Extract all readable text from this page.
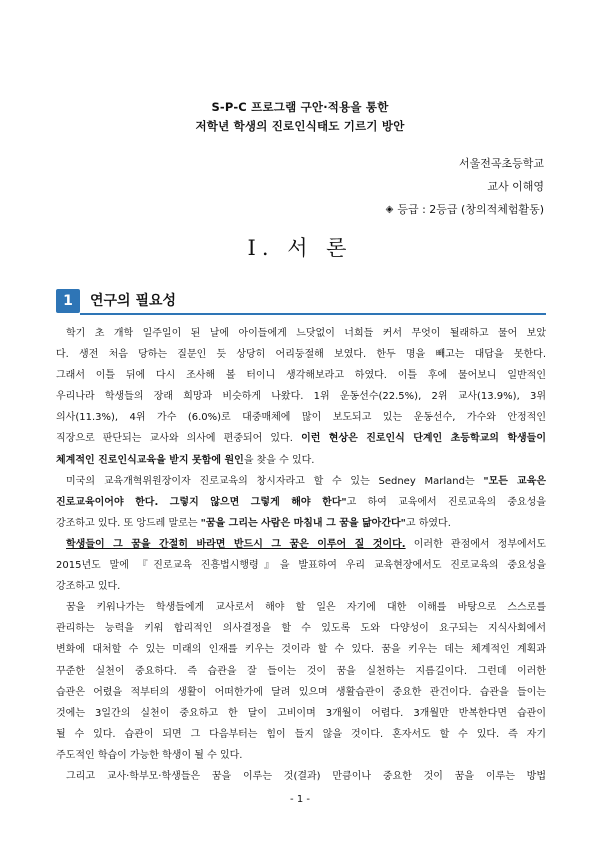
S-P-C 프로그램 구안·적용을 통한
저학년 학생의 진로인식태도 기르기 방안
서울전곡초등학교
교사 이해영
◈ 등급 : 2등급 (창의적체험활동)
I. 서 론
1	연구의 필요성

학기 초 개학 일주일이 된 날에 아이들에게 느닷없이 너희들 커서 무엇이 될래하고 물어 보았
다. 생전 처음 당하는 질문인 듯 상당히 어리둥절해 보였다. 한두 명을 빼고는 대답을 못한다.
그래서 이틀 뒤에 다시 조사해 볼 터이니 생각해보라고 하였다. 이틀 후에 물어보니 일반적인
우리나라 학생들의 장래 희망과 비슷하게 나왔다. 1위 운동선수(22.5%), 2위 교사(13.9%), 3위
의사(11.3%), 4위 가수 (6.0%)로 대중매체에 많이 보도되고 있는 운동선수, 가수와 안정적인
직장으로 판단되는 교사와 의사에 편중되어 있다. 이런 현상은 진로인식 단계인 초등학교의 학생들이
체계적인 진로인식교육을 받지 못함에 원인을 찾을 수 있다.

미국의 교육개혁위원장이자 진로교육의 창시자라고 할 수 있는 Sedney Marland는 "모든 교육은
진로교육이어야 한다. 그렇지 않으면 그렇게 해야 한다"고 하여 교육에서 진로교육의 중요성을
강조하고 있다. 또 앙드레 말로는 "꿈을 그리는 사람은 마침내 그 꿈을 닮아간다"고 하였다.

학생들이 그 꿈을 간절히 바라면 반드시 그 꿈은 이루어 질 것이다. 이러한 관점에서 정부에서도
2015년도 말에 『진로교육 진흥법시행령』을 발표하여 우리 교육현장에서도 진로교육의 중요성을
강조하고 있다.

꿈을 키워나가는 학생들에게 교사로서 해야 할 일은 자기에 대한 이해를 바탕으로 스스로를
관리하는 능력을 키워 합리적인 의사결정을 할 수 있도록 도와 다양성이 요구되는 지식사회에서
변화에 대처할 수 있는 미래의 인재를 키우는 것이라 할 수 있다. 꿈을 키우는 데는 체계적인 계획과
꾸준한 실천이 중요하다. 즉 습관을 잘 들이는 것이 꿈을 실천하는 지름길이다. 그런데 이러한
습관은 어렸을 적부터의 생활이 어떠한가에 달려 있으며 생활습관이 중요한 관건이다. 습관을 들이는
것에는 3일간의 실천이 중요하고 한 달이 고비이며 3개월이 어렵다. 3개월만 반복한다면 습관이
될 수 있다. 습관이 되면 그 다음부터는 힘이 들지 않을 것이다. 혼자서도 할 수 있다. 즉 자기
주도적인 학습이 가능한 학생이 될 수 있다.

그리고 교사·학부모·학생들은 꿈을 이루는 것(결과) 만큼이나 중요한 것이 꿈을 이루는 방법

- 1 -
